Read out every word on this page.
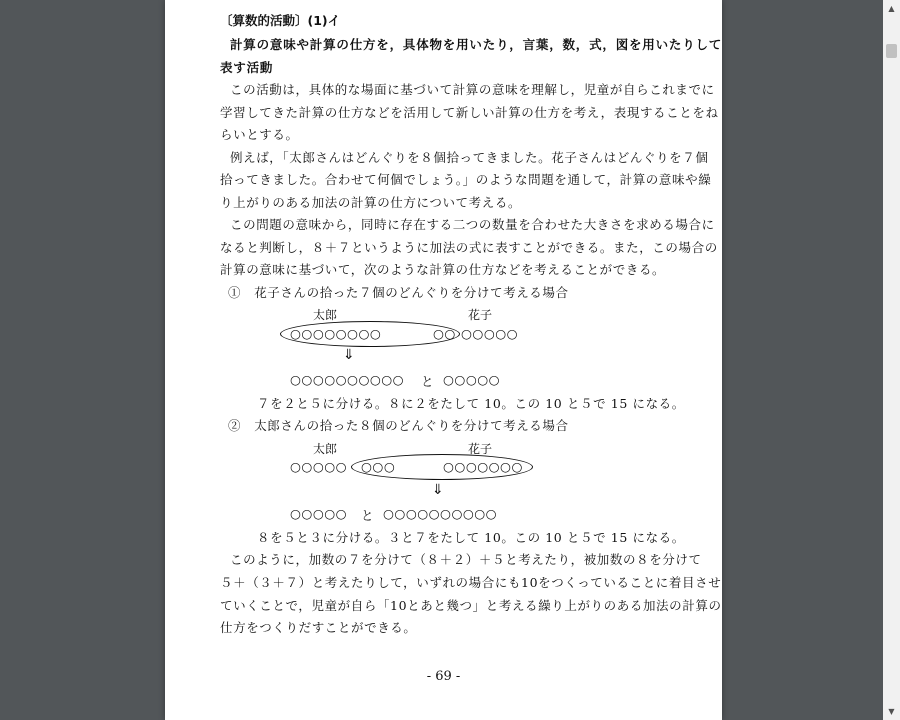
〔算数的活動〕(1)イ
計算の意味や計算の仕方を，具体物を用いたり，言葉，数，式，図を用いたりして
表す活動
この活動は，具体的な場面に基づいて計算の意味を理解し，児童が自らこれまでに
学習してきた計算の仕方などを活用して新しい計算の仕方を考え，表現することをね
らいとする。
例えば，「太郎さんはどんぐりを８個拾ってきました。花子さんはどんぐりを７個
拾ってきました。合わせて何個でしょう。」のような問題を通して，計算の意味や繰
り上がりのある加法の計算の仕方について考える。
この問題の意味から，同時に存在する二つの数量を合わせた大きさを求める場合に
なると判断し，８＋７というように加法の式に表すことができる。また，この場合の
計算の意味に基づいて，次のような計算の仕方などを考えることができる。
①　花子さんの拾った７個のどんぐりを分けて考える場合
太郎	花子
○○○○○○○○	○○ ○○○○○
⇓
○○○○○○○○○○ と ○○○○○
７を２と５に分ける。８に２をたして 10。この 10 と５で 15 になる。
②　太郎さんの拾った８個のどんぐりを分けて考える場合
太郎	花子
○○○○○ ○○○	○○○○○○○
⇓
○○○○○ と ○○○○○○○○○○
８を５と３に分ける。３と７をたして 10。この 10 と５で 15 になる。
このように，加数の７を分けて（８＋２）＋５と考えたり，被加数の８を分けて
５＋（３＋７）と考えたりして，いずれの場合にも10をつくっていることに着目させ
ていくことで，児童が自ら「10とあと幾つ」と考える繰り上がりのある加法の計算の
仕方をつくりだすことができる。
- 69 -
▲
▼
